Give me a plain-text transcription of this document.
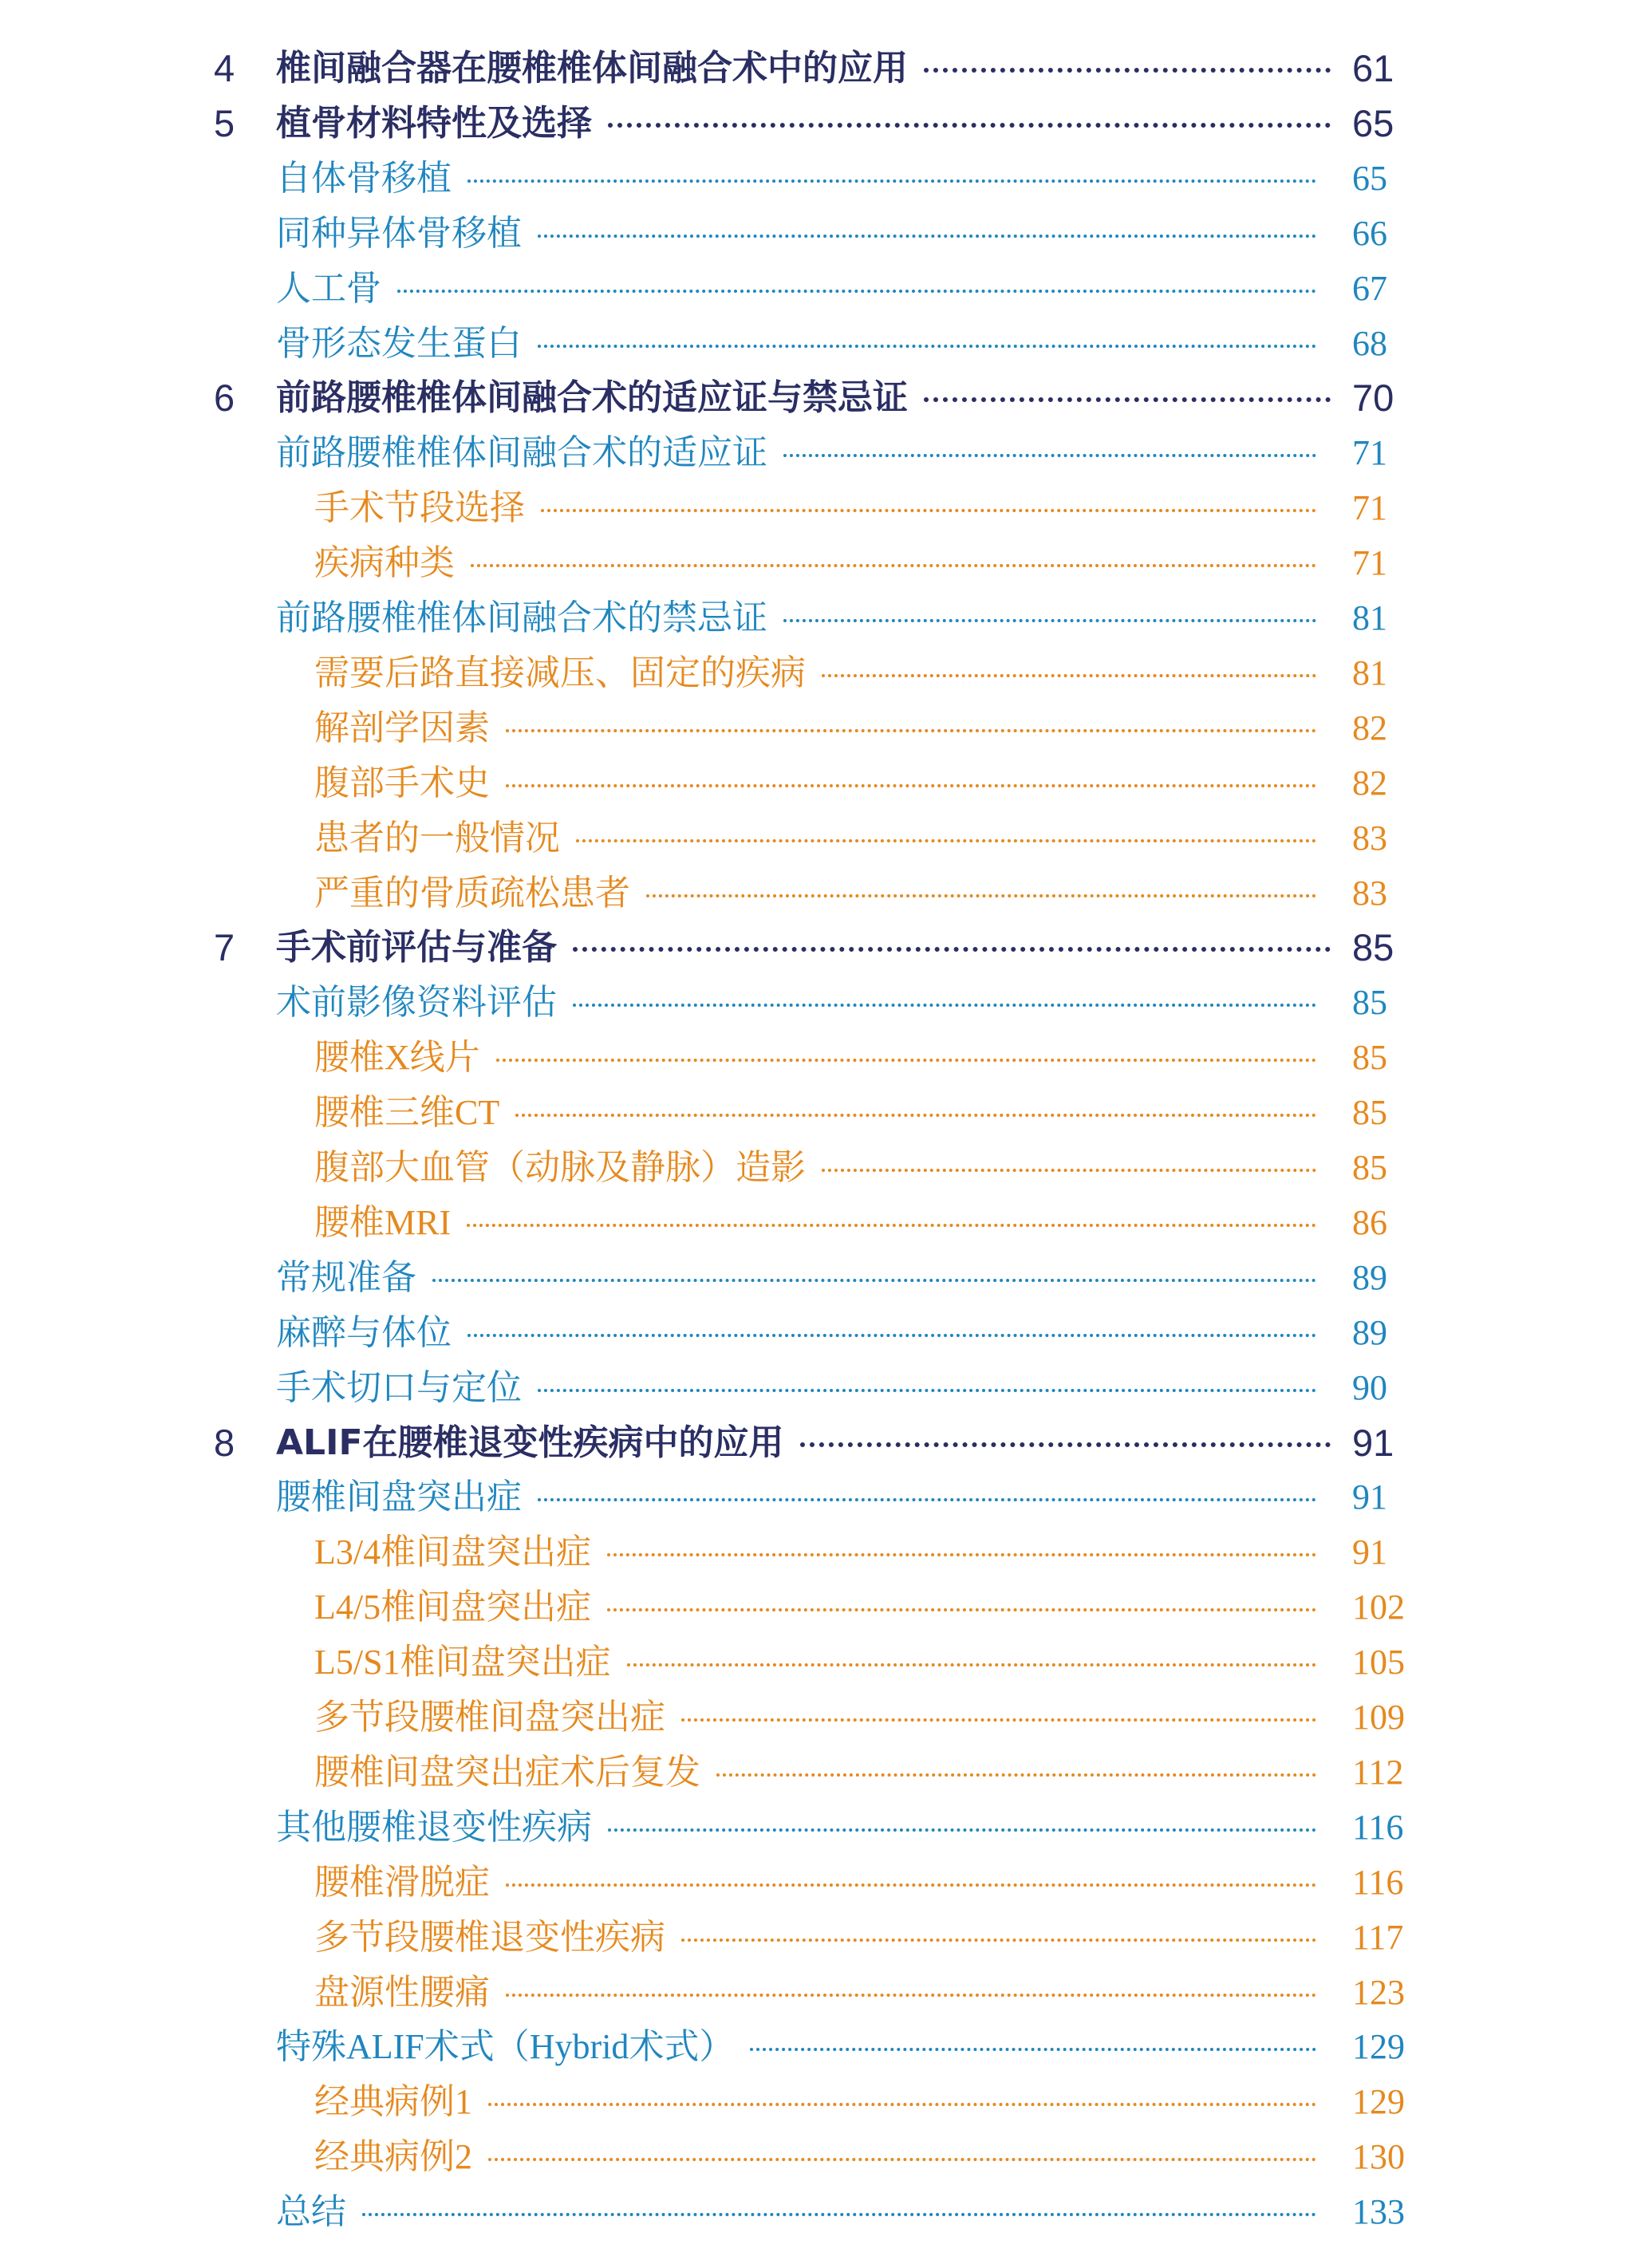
4 椎间融合器在腰椎椎体间融合术中的应用	61
5 植骨材料特性及选择	65
自体骨移植	65
同种异体骨移植	66
人工骨	67
骨形态发生蛋白	68
6 前路腰椎椎体间融合术的适应证与禁忌证	70
前路腰椎椎体间融合术的适应证	71
手术节段选择	71
疾病种类	71
前路腰椎椎体间融合术的禁忌证	81
需要后路直接减压、固定的疾病	81
解剖学因素	82
腹部手术史	82
患者的一般情况	83
严重的骨质疏松患者	83
7 手术前评估与准备	85
术前影像资料评估	85
腰椎X线片	85
腰椎三维CT	85
腹部大血管（动脉及静脉）造影	85
腰椎MRI	86
常规准备	89
麻醉与体位	89
手术切口与定位	90
8 ALIF在腰椎退变性疾病中的应用	91
腰椎间盘突出症	91
L3/4椎间盘突出症	91
L4/5椎间盘突出症	102
L5/S1椎间盘突出症	105
多节段腰椎间盘突出症	109
腰椎间盘突出症术后复发	112
其他腰椎退变性疾病	116
腰椎滑脱症	116
多节段腰椎退变性疾病	117
盘源性腰痛	123
特殊ALIF术式（Hybrid术式）	129
经典病例1	129
经典病例2	130
总结	133
